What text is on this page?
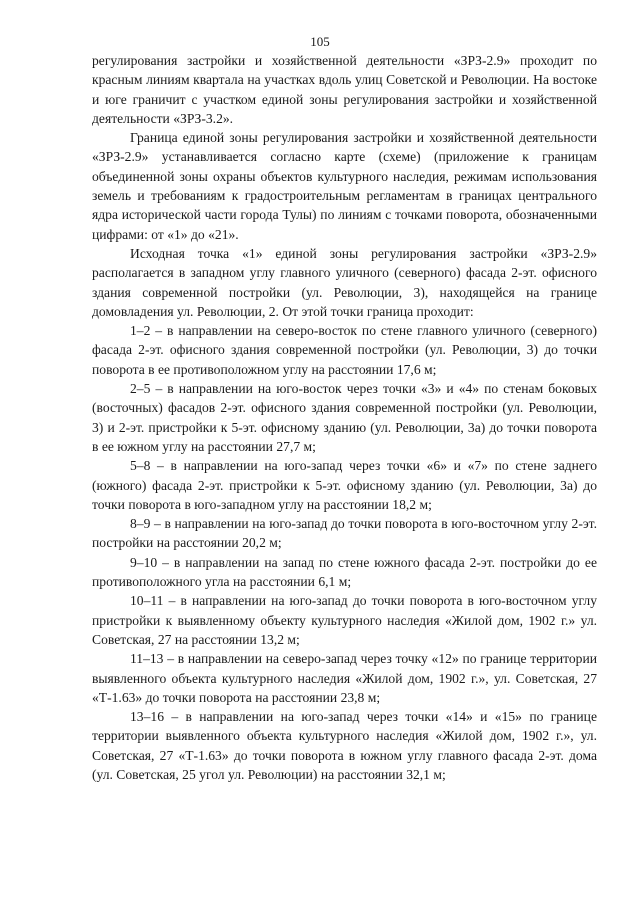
105

регулирования застройки и хозяйственной деятельности «ЗРЗ-2.9» проходит по красным линиям квартала на участках вдоль улиц Советской и Революции. На востоке и юге граничит с участком единой зоны регулирования застройки и хозяйственной деятельности «ЗРЗ-3.2».

Граница единой зоны регулирования застройки и хозяйственной деятельности «ЗРЗ-2.9» устанавливается согласно карте (схеме) (приложение к границам объединенной зоны охраны объектов культурного наследия, режимам использования земель и требованиям к градостроительным регламентам в границах центрального ядра исторической части города Тулы) по линиям с точками поворота, обозначенными цифрами: от «1» до «21».

Исходная точка «1» единой зоны регулирования застройки «ЗРЗ-2.9» располагается в западном углу главного уличного (северного) фасада 2-эт. офисного здания современной постройки (ул. Революции, 3), находящейся на границе домовладения ул. Революции, 2. От этой точки граница проходит:

1–2 – в направлении на северо-восток по стене главного уличного (северного) фасада 2-эт. офисного здания современной постройки (ул. Революции, 3) до точки поворота в ее противоположном углу на расстоянии 17,6 м;

2–5 – в направлении на юго-восток через точки «3» и «4» по стенам боковых (восточных) фасадов 2-эт. офисного здания современной постройки (ул. Революции, 3) и 2-эт. пристройки к 5-эт. офисному зданию (ул. Революции, 3а) до точки поворота в ее южном углу на расстоянии 27,7 м;

5–8 – в направлении на юго-запад через точки «6» и «7» по стене заднего (южного) фасада 2-эт. пристройки к 5-эт. офисному зданию (ул. Революции, 3а) до точки поворота в юго-западном углу на расстоянии 18,2 м;

8–9 – в направлении на юго-запад до точки поворота в юго-восточном углу 2-эт. постройки на расстоянии 20,2 м;

9–10 – в направлении на запад по стене южного фасада 2-эт. постройки до ее противоположного угла на расстоянии 6,1 м;

10–11 – в направлении на юго-запад до точки поворота в юго-восточном углу пристройки к выявленному объекту культурного наследия «Жилой дом, 1902 г.» ул. Советская, 27 на расстоянии 13,2 м;

11–13 – в направлении на северо-запад через точку «12» по границе территории выявленного объекта культурного наследия «Жилой дом, 1902 г.», ул. Советская, 27 «Т-1.63» до точки поворота на расстоянии 23,8 м;

13–16 – в направлении на юго-запад через точки «14» и «15» по границе территории выявленного объекта культурного наследия «Жилой дом, 1902 г.», ул. Советская, 27 «Т-1.63» до точки поворота в южном углу главного фасада 2-эт. дома (ул. Советская, 25 угол ул. Революции) на расстоянии 32,1 м;
